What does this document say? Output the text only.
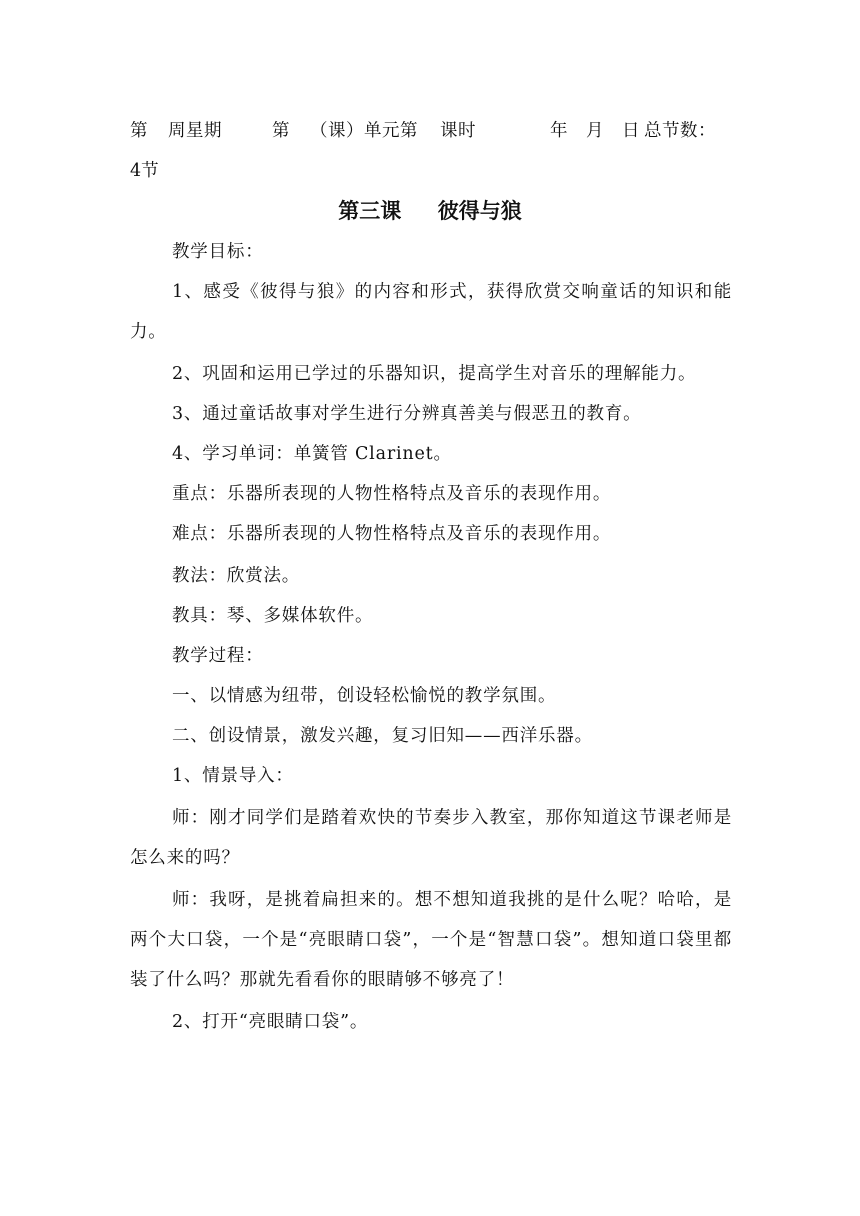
第 周星期	第 （课）单元第 课时	年 月 日 总节数：
4节
第三课     彼得与狼

教学目标：

1、感受《彼得与狼》的内容和形式，获得欣赏交响童话的知识和能力。

2、巩固和运用已学过的乐器知识，提高学生对音乐的理解能力。

3、通过童话故事对学生进行分辨真善美与假恶丑的教育。

4、学习单词：单簧管 Clarinet。

重点：乐器所表现的人物性格特点及音乐的表现作用。

难点：乐器所表现的人物性格特点及音乐的表现作用。

教法：欣赏法。

教具：琴、多媒体软件。

教学过程：

一、以情感为纽带，创设轻松愉悦的教学氛围。

二、创设情景，激发兴趣，复习旧知——西洋乐器。

1、情景导入：

师：刚才同学们是踏着欢快的节奏步入教室，那你知道这节课老师是怎么来的吗？

师：我呀，是挑着扁担来的。想不想知道我挑的是什么呢？哈哈，是两个大口袋，一个是“亮眼睛口袋”，一个是“智慧口袋”。想知道口袋里都装了什么吗？那就先看看你的眼睛够不够亮了！

2、打开“亮眼睛口袋”。
